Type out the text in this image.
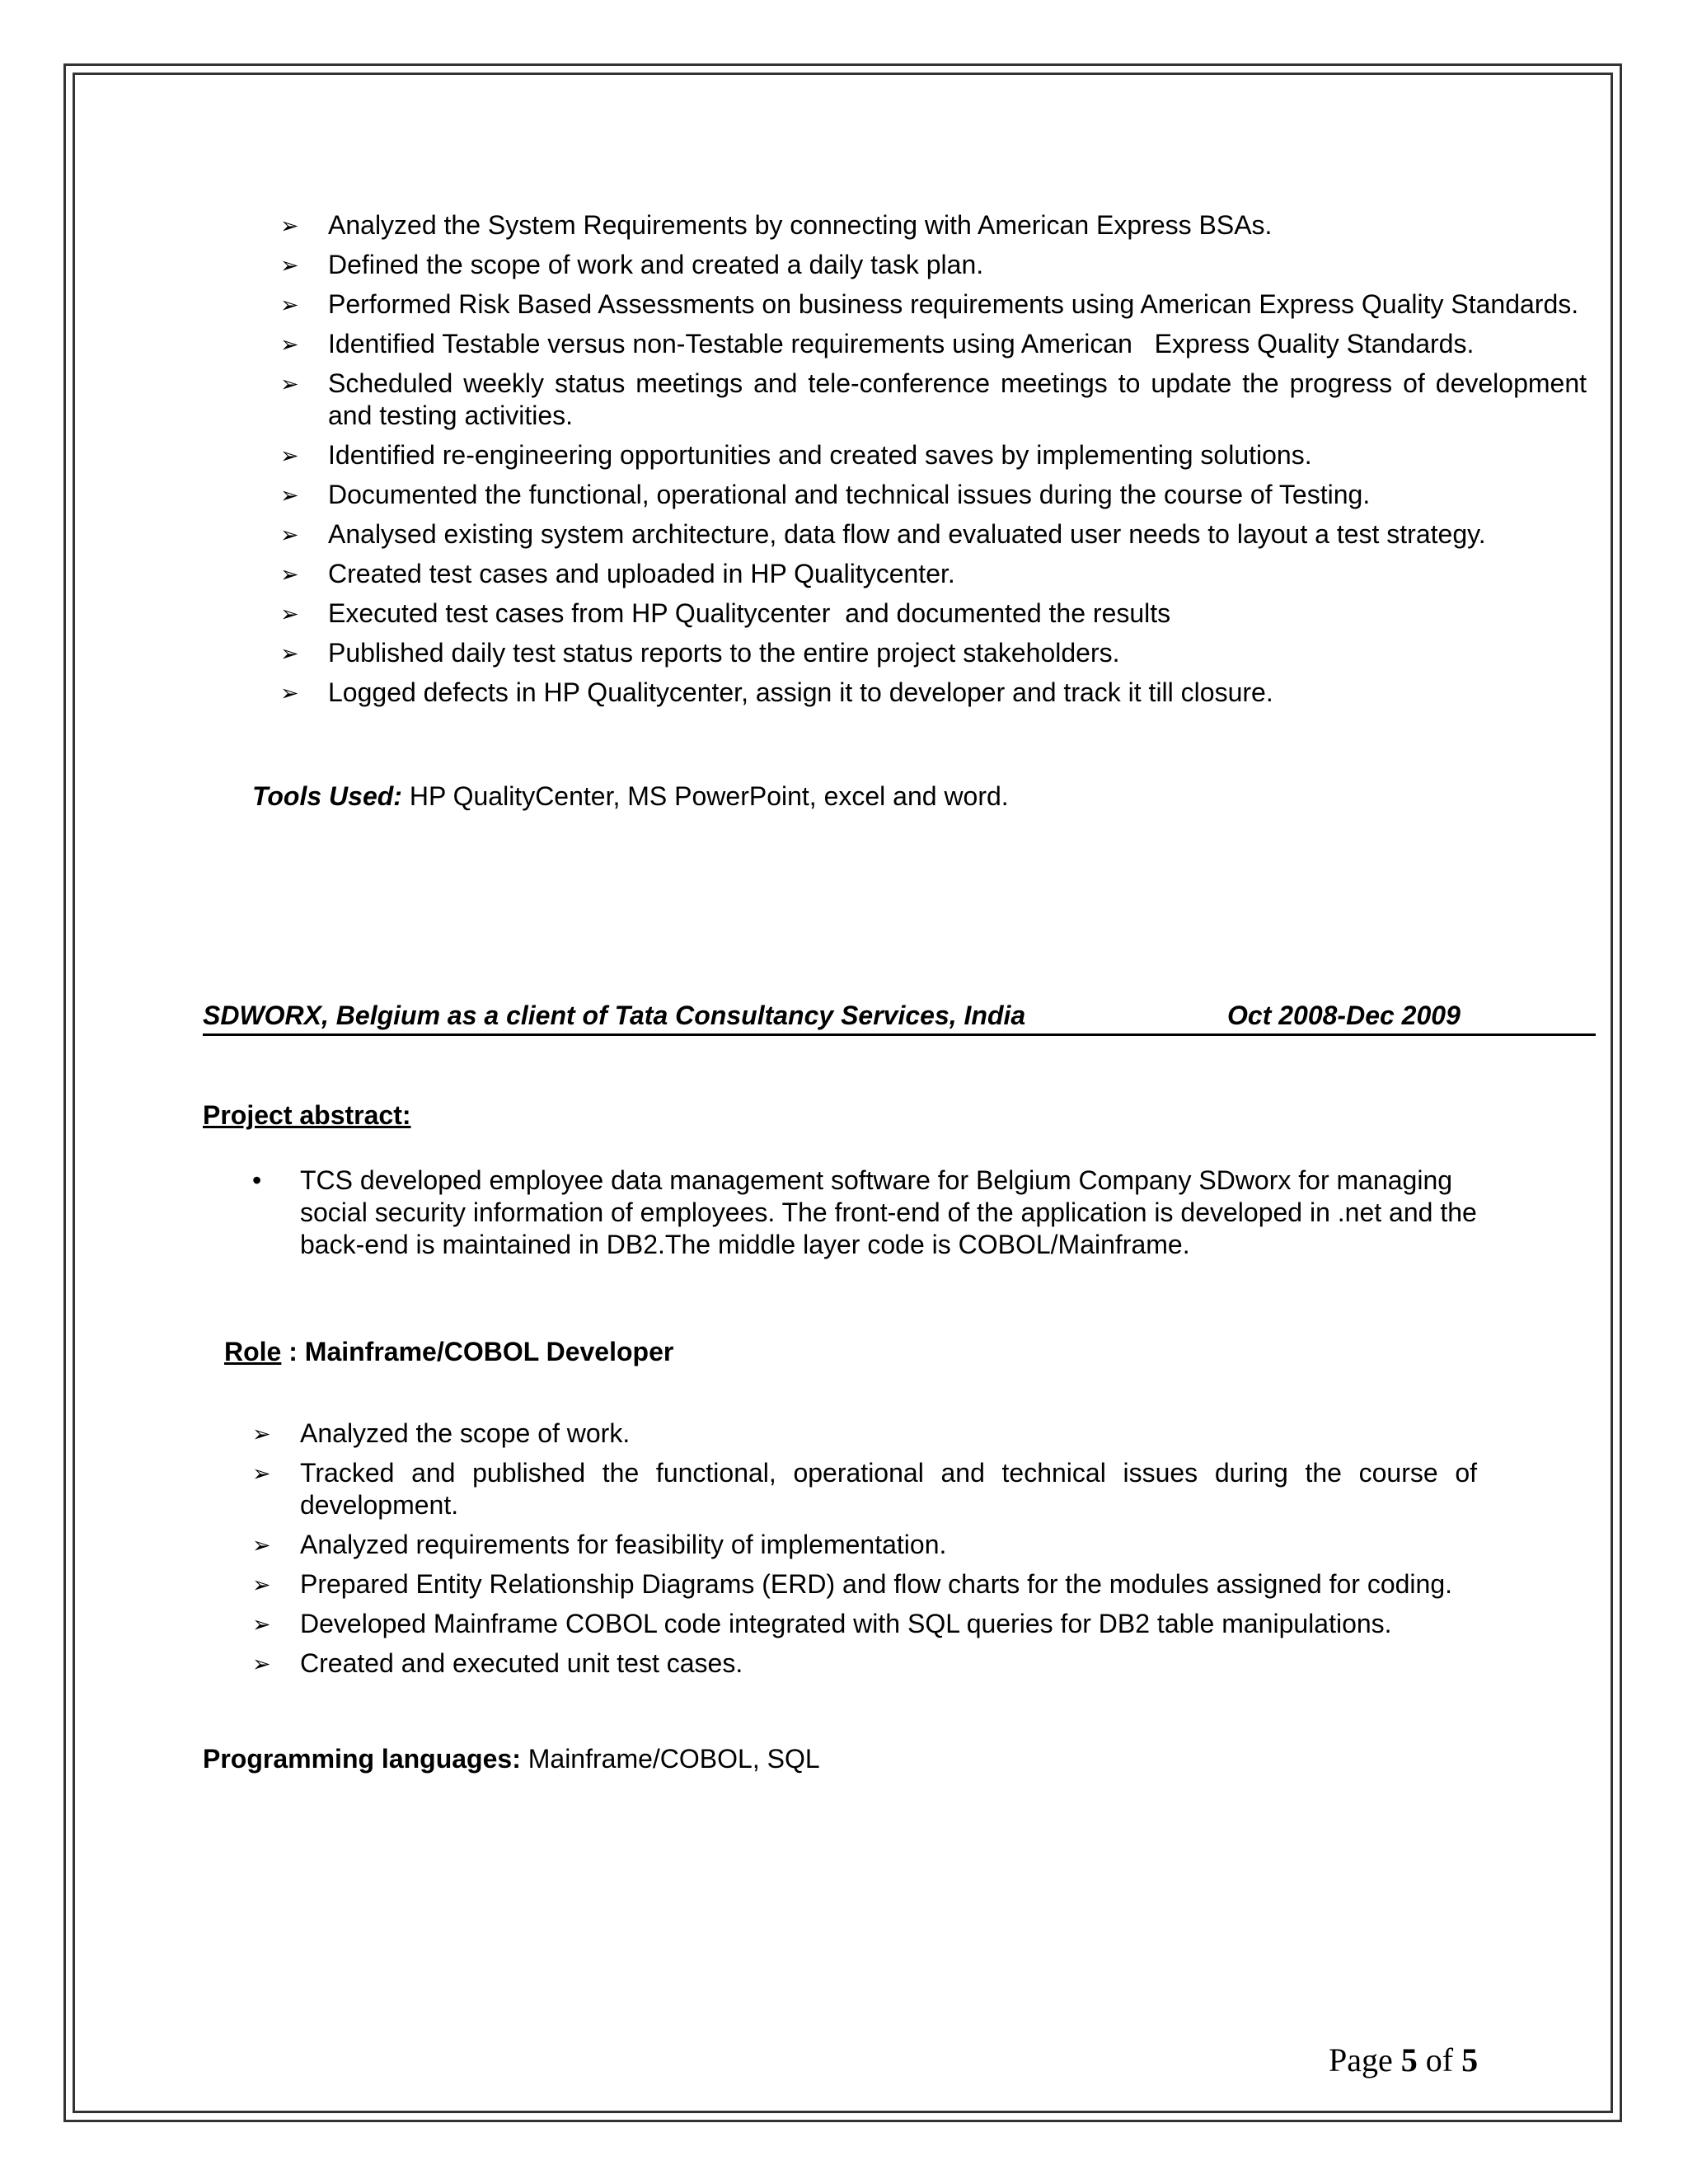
➢ Analyzed the System Requirements by connecting with American Express BSAs.
➢ Defined the scope of work and created a daily task plan.
➢ Performed Risk Based Assessments on business requirements using American Express Quality Standards.
➢ Identified Testable versus non-Testable requirements using American   Express Quality Standards.
➢ Scheduled weekly status meetings and tele-conference meetings to update the progress of development and testing activities.
➢ Identified re-engineering opportunities and created saves by implementing solutions.
➢ Documented the functional, operational and technical issues during the course of Testing.
➢ Analysed existing system architecture, data flow and evaluated user needs to layout a test strategy.
➢ Created test cases and uploaded in HP Qualitycenter.
➢ Executed test cases from HP Qualitycenter  and documented the results
➢ Published daily test status reports to the entire project stakeholders.
➢ Logged defects in HP Qualitycenter, assign it to developer and track it till closure.
Tools Used: HP QualityCenter, MS PowerPoint, excel and word.
SDWORX, Belgium as a client of Tata Consultancy Services, India	Oct 2008-Dec 2009
Project abstract:
• TCS developed employee data management software for Belgium Company SDworx for managing social security information of employees. The front-end of the application is developed in .net and the back-end is maintained in DB2.The middle layer code is COBOL/Mainframe.
Role : Mainframe/COBOL Developer
➢ Analyzed the scope of work.
➢ Tracked and published the functional, operational and technical issues during the course of development.
➢ Analyzed requirements for feasibility of implementation.
➢ Prepared Entity Relationship Diagrams (ERD) and flow charts for the modules assigned for coding.
➢ Developed Mainframe COBOL code integrated with SQL queries for DB2 table manipulations.
➢ Created and executed unit test cases.
Programming languages: Mainframe/COBOL, SQL
Page 5 of 5
